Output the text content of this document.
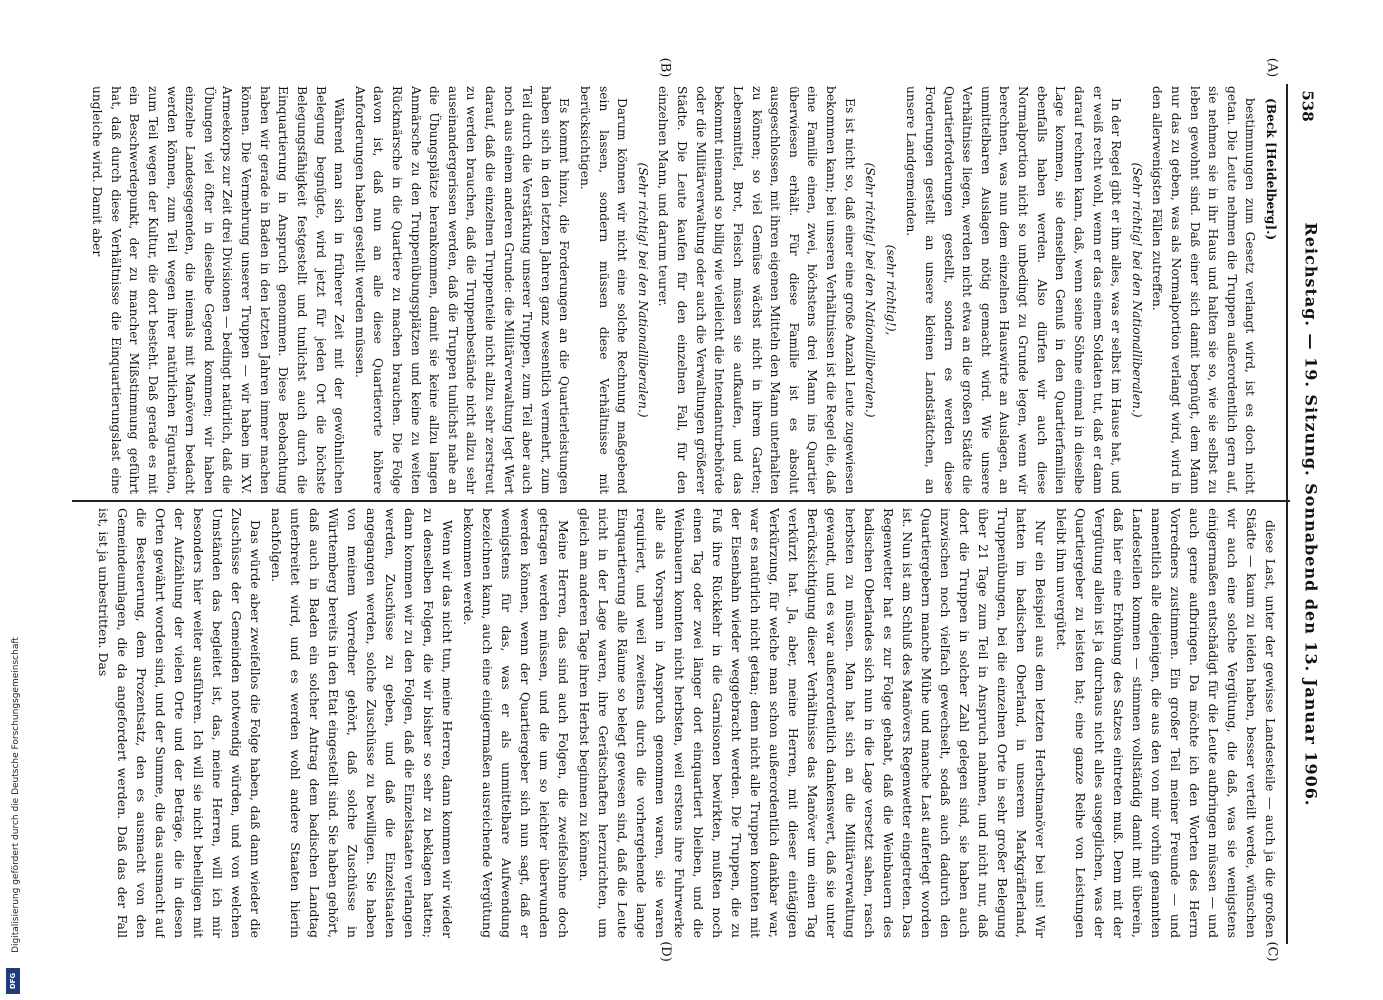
538
Reichstag. — 19. Sitzung. Sonnabend den 13. Januar 1906.
(A)
(B)
(C)
(D)

(Beck [Heidelberg].)

bestimmungen zum Gesetz verlangt wird, ist es doch nicht getan. Die Leute nehmen die Truppen außerordentlich gern auf, sie nehmen sie in ihr Haus und halten sie so, wie sie selbst zu leben gewohnt sind. Daß einer sich damit begnügt, dem Mann nur das zu geben, was als Normalportion verlangt wird, wird in den allerwenigsten Fällen zutreffen.

(Sehr richtig! bei den Nationalliberalen.)

In der Regel gibt er ihm alles, was er selbst im Hause hat, und er weiß recht wohl, wenn er das einem Soldaten tut, daß er dann darauf rechnen kann, daß, wenn seine Söhne einmal in dieselbe Lage kommen, sie denselben Genuß in den Quartierfamilien ebenfalls haben werden. Also dürfen wir auch diese Normalportion nicht so unbedingt zu Grunde legen, wenn wir berechnen, was nun dem einzelnen Hauswirte an Auslagen, an unmittelbaren Auslagen nötig gemacht wird. Wie unsere Verhältnisse liegen, werden nicht etwa an die großen Städte die Quartierforderungen gestellt, sondern es werden diese Forderungen gestellt an unsere kleinen Landstädtchen, an unsere Landgemeinden.

(sehr richtig!),

(Sehr richtig! bei den Nationalliberalen.)

Es ist nicht so, daß einer eine große Anzahl Leute zugewiesen bekommen kann; bei unseren Verhältnissen ist die Regel die, daß eine Familie einen, zwei, höchstens drei Mann ins Quartier überwiesen erhält. Für diese Familie ist es absolut ausgeschlossen, mit ihren eigenen Mitteln den Mann unterhalten zu können; so viel Gemüse wächst nicht in ihrem Garten; Lebensmittel, Brot, Fleisch müssen sie aufkaufen, und das bekommt niemand so billig wie vielleicht die Intendanturbehörde oder die Militärverwaltung oder auch die Verwaltungen größerer Städte. Die Leute kaufen für den einzelnen Fall, für den einzelnen Mann, und darum teurer.

(Sehr richtig! bei den Nationalliberalen.)

Darum können wir nicht eine solche Rechnung maßgebend sein lassen, sondern müssen diese Verhältnisse mit berücksichtigen.

Es kommt hinzu, die Forderungen an die Quartierleistungen haben sich in den letzten Jahren ganz wesentlich vermehrt, zum Teil durch die Verstärkung unserer Truppen, zum Teil aber auch noch aus einem anderen Grunde: die Militärverwaltung legt Wert darauf, daß die einzelnen Truppenteile nicht allzu sehr zerstreut zu werden brauchen, daß die Truppenbestände nicht allzu sehr auseinandergerissen werden, daß die Truppen tunlichst nahe an die Übungsplätze herankommen, damit sie keine allzu langen Anmärsche zu den Truppenübungsplätzen und keine zu weiten Rückmärsche in die Quartiere zu machen brauchen. Die Folge davon ist, daß nun an alle diese Quartierorte höhere Anforderungen haben gestellt werden müssen.

Während man sich in früherer Zeit mit der gewöhnlichen Belegung begnügte, wird jetzt für jeden Ort die höchste Belegungsfähigkeit festgestellt und tunlichst auch durch die Einquartierung in Anspruch genommen. Diese Beobachtung haben wir gerade in Baden in den letzten Jahren immer machen können. Die Vermehrung unserer Truppen — wir haben im XV. Armeekorps zur Zeit drei Divisionen — bedingt natürlich, daß die Übungen viel öfter in dieselbe Gegend kommen; wir haben einzelne Landesgegenden, die niemals mit Manövern bedacht werden können, zum Teil wegen ihrer natürlichen Figuration, zum Teil wegen der Kultur, die dort besteht. Daß gerade es mit ein Beschwerdepunkt, der zu mancher Mißstimmung geführt hat, daß durch diese Verhältnisse die Einquartierungslast eine ungleiche wird. Damit aber

diese Last, unter der gewisse Landesteile — auch ja die großen Städte — kaum zu leiden haben, besser verteilt werde, wünschen wir auch eine solche Vergütung, die daß, was sie wenigstens einigermaßen entschädigt für die Leute aufbringen müssen — und auch gerne aufbringen. Da möchte ich den Worten des Herrn Vorredners zustimmen. Ein großer Teil meiner Freunde — und namentlich alle diejenigen, die aus den von mir vorhin genannten Landesteilen kommen — stimmen vollständig damit mit überein, daß hier eine Erhöhung des Satzes eintreten muß. Denn mit der Vergütung allein ist ja durchaus nicht alles ausgeglichen, was der Quartiergeber zu leisten hat; eine ganze Reihe von Leistungen bleibt ihm unvergütet.

Nur ein Beispiel aus dem letzten Herbstmanöver bei uns! Wir hatten im badischen Oberland, in unserem Markgräflerland, Truppenübungen, bei die einzelnen Orte in sehr großer Belegung über 21 Tage zum Teil in Anspruch nahmen, und nicht nur, daß dort die Truppen in solcher Zahl gelegen sind, sie haben auch inzwischen noch vielfach gewechselt, sodaß auch dadurch den Quartiergebern manche Mühe und manche Last auferlegt worden ist. Nun ist am Schluß des Manövers Regenwetter eingetreten. Das Regenwetter hat es zur Folge gehabt, daß die Weinbauern des badischen Oberlandes sich nun in die Lage versetzt sahen, rasch herbsten zu müssen. Man hat sich an die Militärverwaltung gewandt, und es war außerordentlich dankenswert, daß sie unter Berücksichtigung dieser Verhältnisse das Manöver um einen Tag verkürzt hat. Ja, aber, meine Herren, mit dieser eintägigen Verkürzung, für welche man schon außerordentlich dankbar war, war es natürlich nicht getan; denn nicht alle Truppen konnten mit der Eisenbahn wieder weggebracht werden. Die Truppen, die zu Fuß ihre Rückkehr in die Garnisonen bewirkten, mußten noch einen Tag oder zwei länger dort einquartiert bleiben, und die Weinbauern konnten nicht herbsten, weil erstens ihre Fuhrwerke alle als Vorspann in Anspruch genommen waren, sie waren requiriert, und weil zweitens durch die vorhergehende lange Einquartierung alle Räume so belegt gewesen sind, daß die Leute nicht in der Lage waren, ihre Gerätschaften herzurichten, um gleich am anderen Tage ihren Herbst beginnen zu können.

Meine Herren, das sind auch Folgen, die zweifelsohne doch getragen werden müssen, und die um so leichter überwunden werden können, wenn der Quartiergeber sich nun sagt, daß er wenigstens für das, was er als unmittelbare Aufwendung bezeichnen kann, auch eine einigermaßen ausreichende Vergütung bekommen werde.

Wenn wir das nicht tun, meine Herren, dann kommen wir wieder zu denselben Folgen, die wir bisher so sehr zu beklagen hatten; dann kommen wir zu den Folgen, daß die Einzelstaaten verlangen werden, Zuschüsse zu geben, und daß die Einzelstaaten angegangen werden, solche Zuschüsse zu bewilligen. Sie haben von meinem Vorredner gehört, daß solche Zuschüsse in Württemberg bereits in den Etat eingestellt sind. Sie haben gehört, daß auch in Baden ein solcher Antrag dem badischen Landtag unterbreitet wird, und es werden wohl andere Staaten hierin nachfolgen.

Das würde aber zweifellos die Folge haben, daß dann wieder die Zuschüsse der Gemeinden notwendig würden, und von welchen Umständen das begleitet ist, das, meine Herren, will ich mir besonders hier weiter ausführen. Ich will sie nicht behelligen mit der Aufzählung der vielen Orte und der Beträge, die in diesen Orten gewährt worden sind, und der Summe, die das ausmacht auf die Besteuerung, dem Prozentsatz, den es ausmacht von den Gemeindeumlagen, die da angefordert werden. Daß das der Fall ist, ist ja unbestritten. Das

Digitalisierung gefördert durch die Deutsche Forschungsgemeinschaft
DFG
